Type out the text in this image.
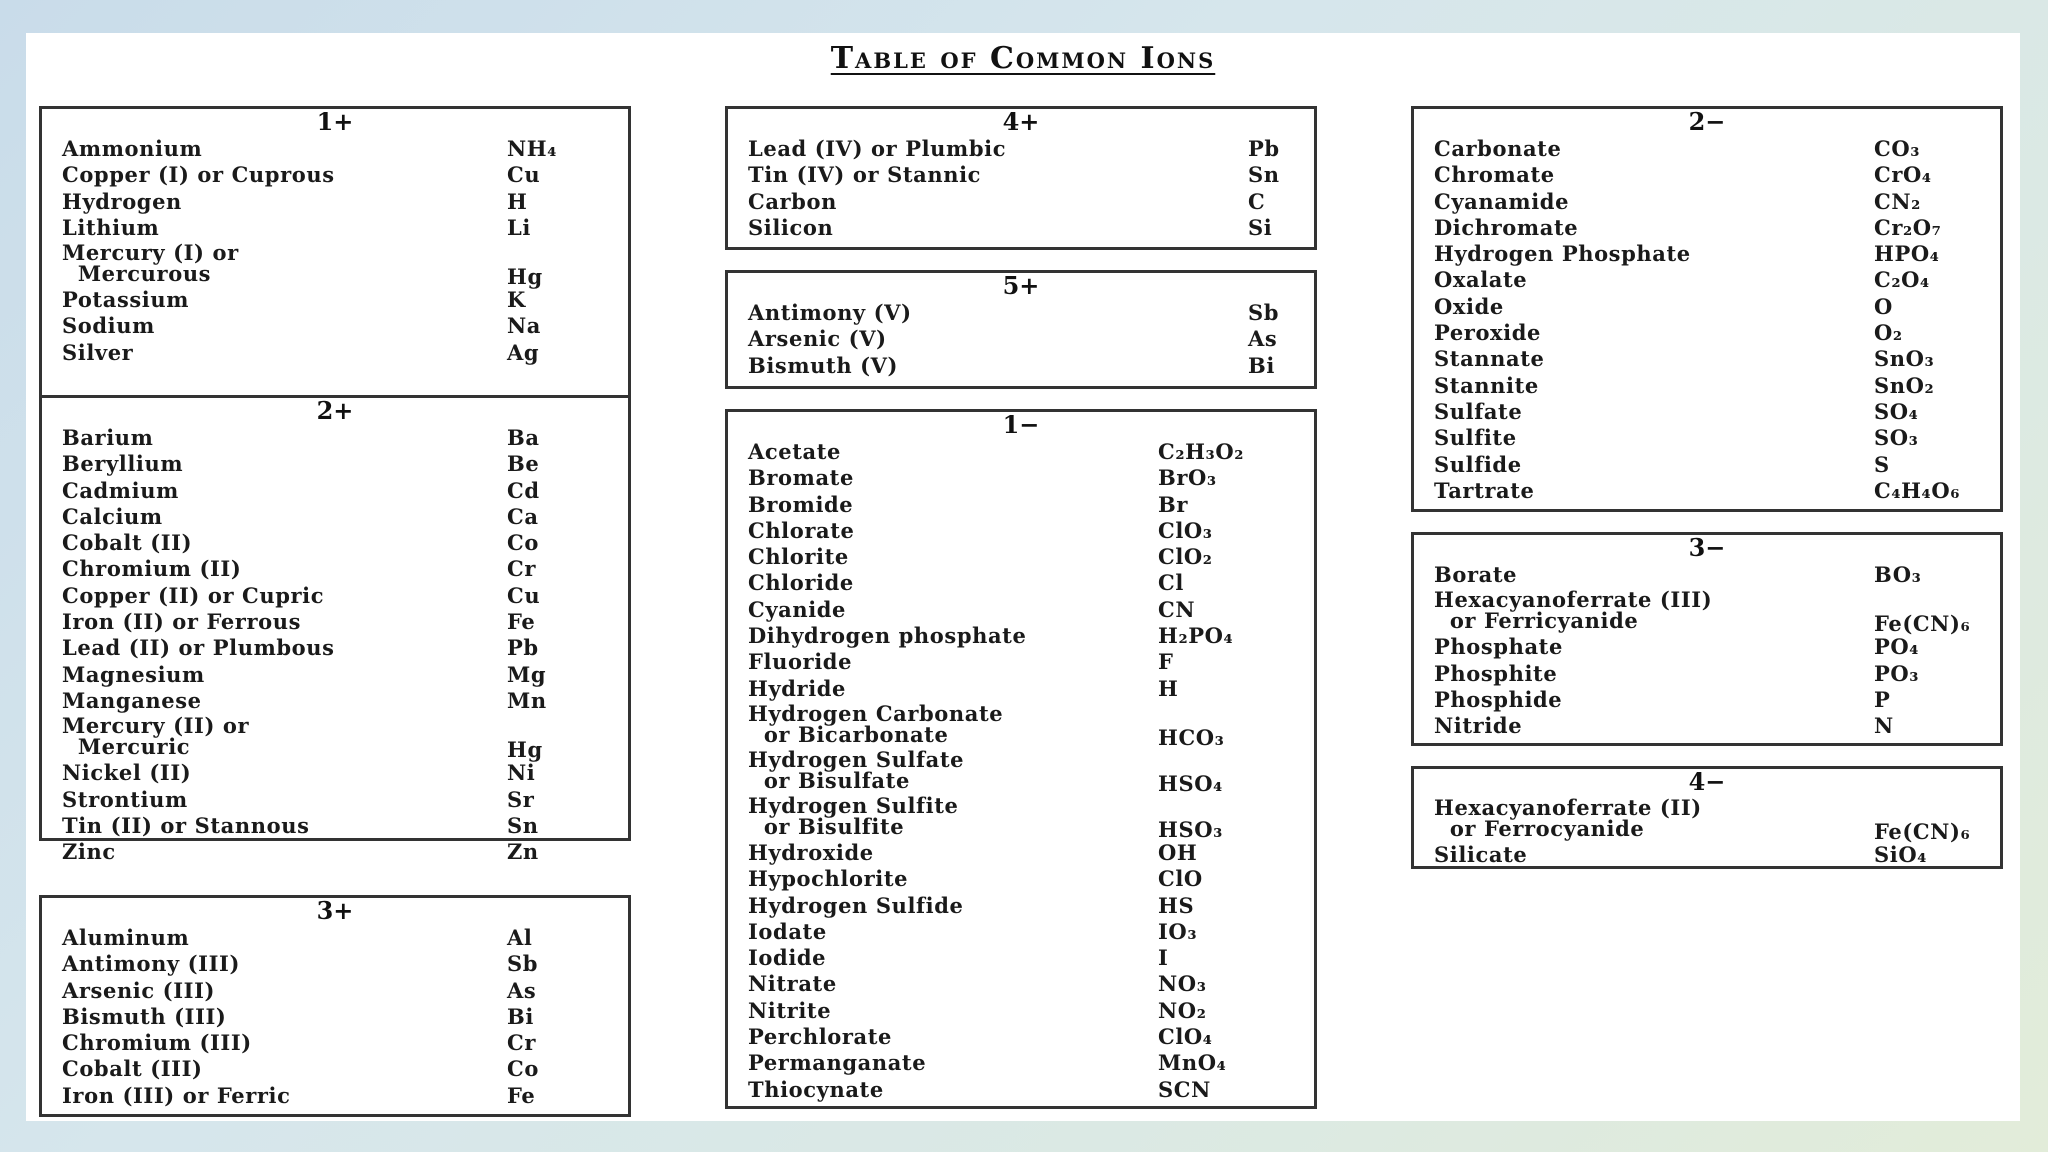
Table of Common Ions
1+
Ammonium	NH₄
Copper (I) or Cuprous	Cu
Hydrogen	H
Lithium	Li
Mercury (I) or
Mercurous	Hg
Potassium	K
Sodium	Na
Silver	Ag
2+
Barium	Ba
Beryllium	Be
Cadmium	Cd
Calcium	Ca
Cobalt (II)	Co
Chromium (II)	Cr
Copper (II) or Cupric	Cu
Iron (II) or Ferrous	Fe
Lead (II) or Plumbous	Pb
Magnesium	Mg
Manganese	Mn
Mercury (II) or
Mercuric	Hg
Nickel (II)	Ni
Strontium	Sr
Tin (II) or Stannous	Sn
Zinc	Zn
3+
Aluminum	Al
Antimony (III)	Sb
Arsenic (III)	As
Bismuth (III)	Bi
Chromium (III)	Cr
Cobalt (III)	Co
Iron (III) or Ferric	Fe
4+
Lead (IV) or Plumbic	Pb
Tin (IV) or Stannic	Sn
Carbon	C
Silicon	Si
5+
Antimony (V)	Sb
Arsenic (V)	As
Bismuth (V)	Bi
1−
Acetate	C₂H₃O₂
Bromate	BrO₃
Bromide	Br
Chlorate	ClO₃
Chlorite	ClO₂
Chloride	Cl
Cyanide	CN
Dihydrogen phosphate	H₂PO₄
Fluoride	F
Hydride	H
Hydrogen Carbonate
or Bicarbonate	HCO₃
Hydrogen Sulfate
or Bisulfate	HSO₄
Hydrogen Sulfite
or Bisulfite	HSO₃
Hydroxide	OH
Hypochlorite	ClO
Hydrogen Sulfide	HS
Iodate	IO₃
Iodide	I
Nitrate	NO₃
Nitrite	NO₂
Perchlorate	ClO₄
Permanganate	MnO₄
Thiocynate	SCN
2−
Carbonate	CO₃
Chromate	CrO₄
Cyanamide	CN₂
Dichromate	Cr₂O₇
Hydrogen Phosphate	HPO₄
Oxalate	C₂O₄
Oxide	O
Peroxide	O₂
Stannate	SnO₃
Stannite	SnO₂
Sulfate	SO₄
Sulfite	SO₃
Sulfide	S
Tartrate	C₄H₄O₆
3−
Borate	BO₃
Hexacyanoferrate (III)
or Ferricyanide	Fe(CN)₆
Phosphate	PO₄
Phosphite	PO₃
Phosphide	P
Nitride	N
4−
Hexacyanoferrate (II)
or Ferrocyanide	Fe(CN)₆
Silicate	SiO₄
